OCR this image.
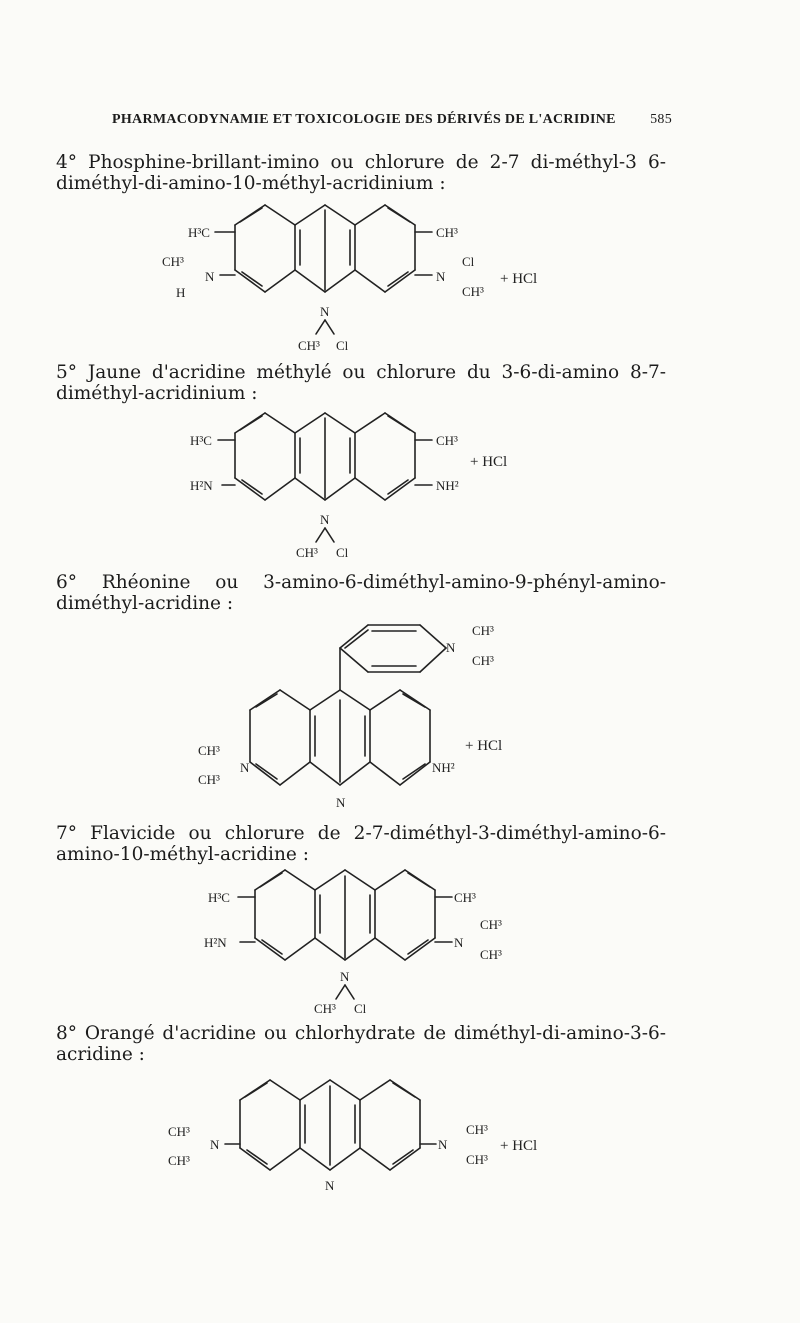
PHARMACODYNAMIE ET TOXICOLOGIE DES DÉRIVÉS DE L'ACRIDINE 585
4° Phosphine-brillant-imino ou chlorure de 2-7 di-méthyl-3 6-diméthyl-di-amino-10-méthyl-acridinium :
H³C	CH³
CH³
N
H
N
Cl
CH³
+ HCl
N
CH³ Cl
H³C	CH³
H²N	NH²
+ HCl
N
CH³ Cl
N
CH³
CH³
CH³
CH³
N	NH²
+ HCl
N
H³C	CH³
H²N	N
CH³
CH³
N
CH³ Cl
CH³
CH³
N	N
CH³
CH³
+ HCl
N
5° Jaune d'acridine méthylé ou chlorure du 3-6-di-amino 8-7-diméthyl-acridinium :
6° Rhéonine ou 3-amino-6-diméthyl-amino-9-phényl-amino-diméthyl-acridine :
7° Flavicide ou chlorure de 2-7-diméthyl-3-diméthyl-amino-6-amino-10-méthyl-acridine :
8° Orangé d'acridine ou chlorhydrate de diméthyl-di-amino-3-6-acridine :
